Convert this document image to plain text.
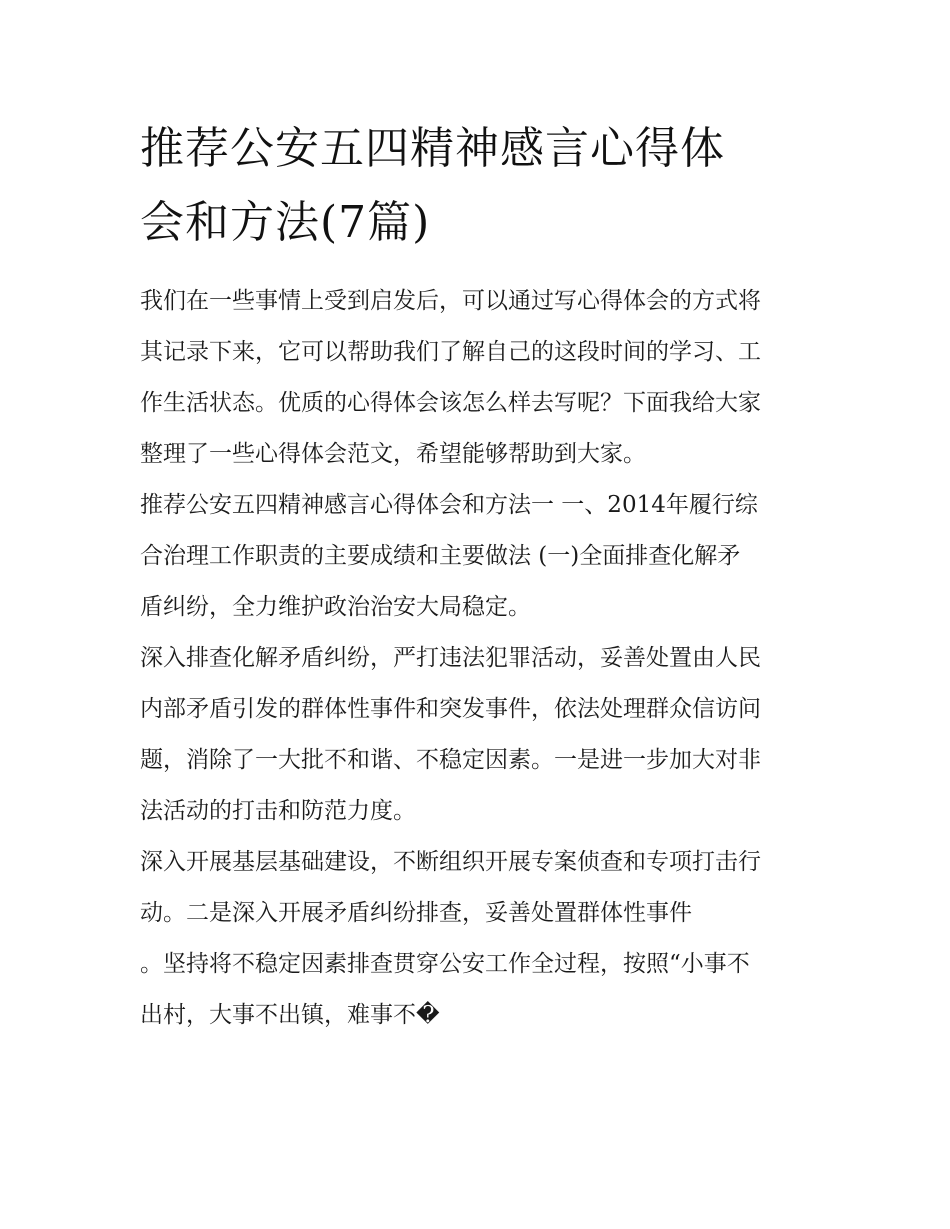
推荐公安五四精神感言心得体
会和方法(7篇)

我们在一些事情上受到启发后，可以通过写心得体会的方式将
其记录下来，它可以帮助我们了解自己的这段时间的学习、工
作生活状态。优质的心得体会该怎么样去写呢？下面我给大家
整理了一些心得体会范文，希望能够帮助到大家。

推荐公安五四精神感言心得体会和方法一 一、2014年履行综
合治理工作职责的主要成绩和主要做法 (一)全面排查化解矛
盾纠纷，全力维护政治治安大局稳定。

深入排查化解矛盾纠纷，严打违法犯罪活动，妥善处置由人民
内部矛盾引发的群体性事件和突发事件，依法处理群众信访问
题，消除了一大批不和谐、不稳定因素。一是进一步加大对非
法活动的打击和防范力度。

深入开展基层基础建设，不断组织开展专案侦查和专项打击行
动。二是深入开展矛盾纠纷排查，妥善处置群体性事件
。坚持将不稳定因素排查贯穿公安工作全过程，按照“小事不
出村，大事不出镇，难事不�
